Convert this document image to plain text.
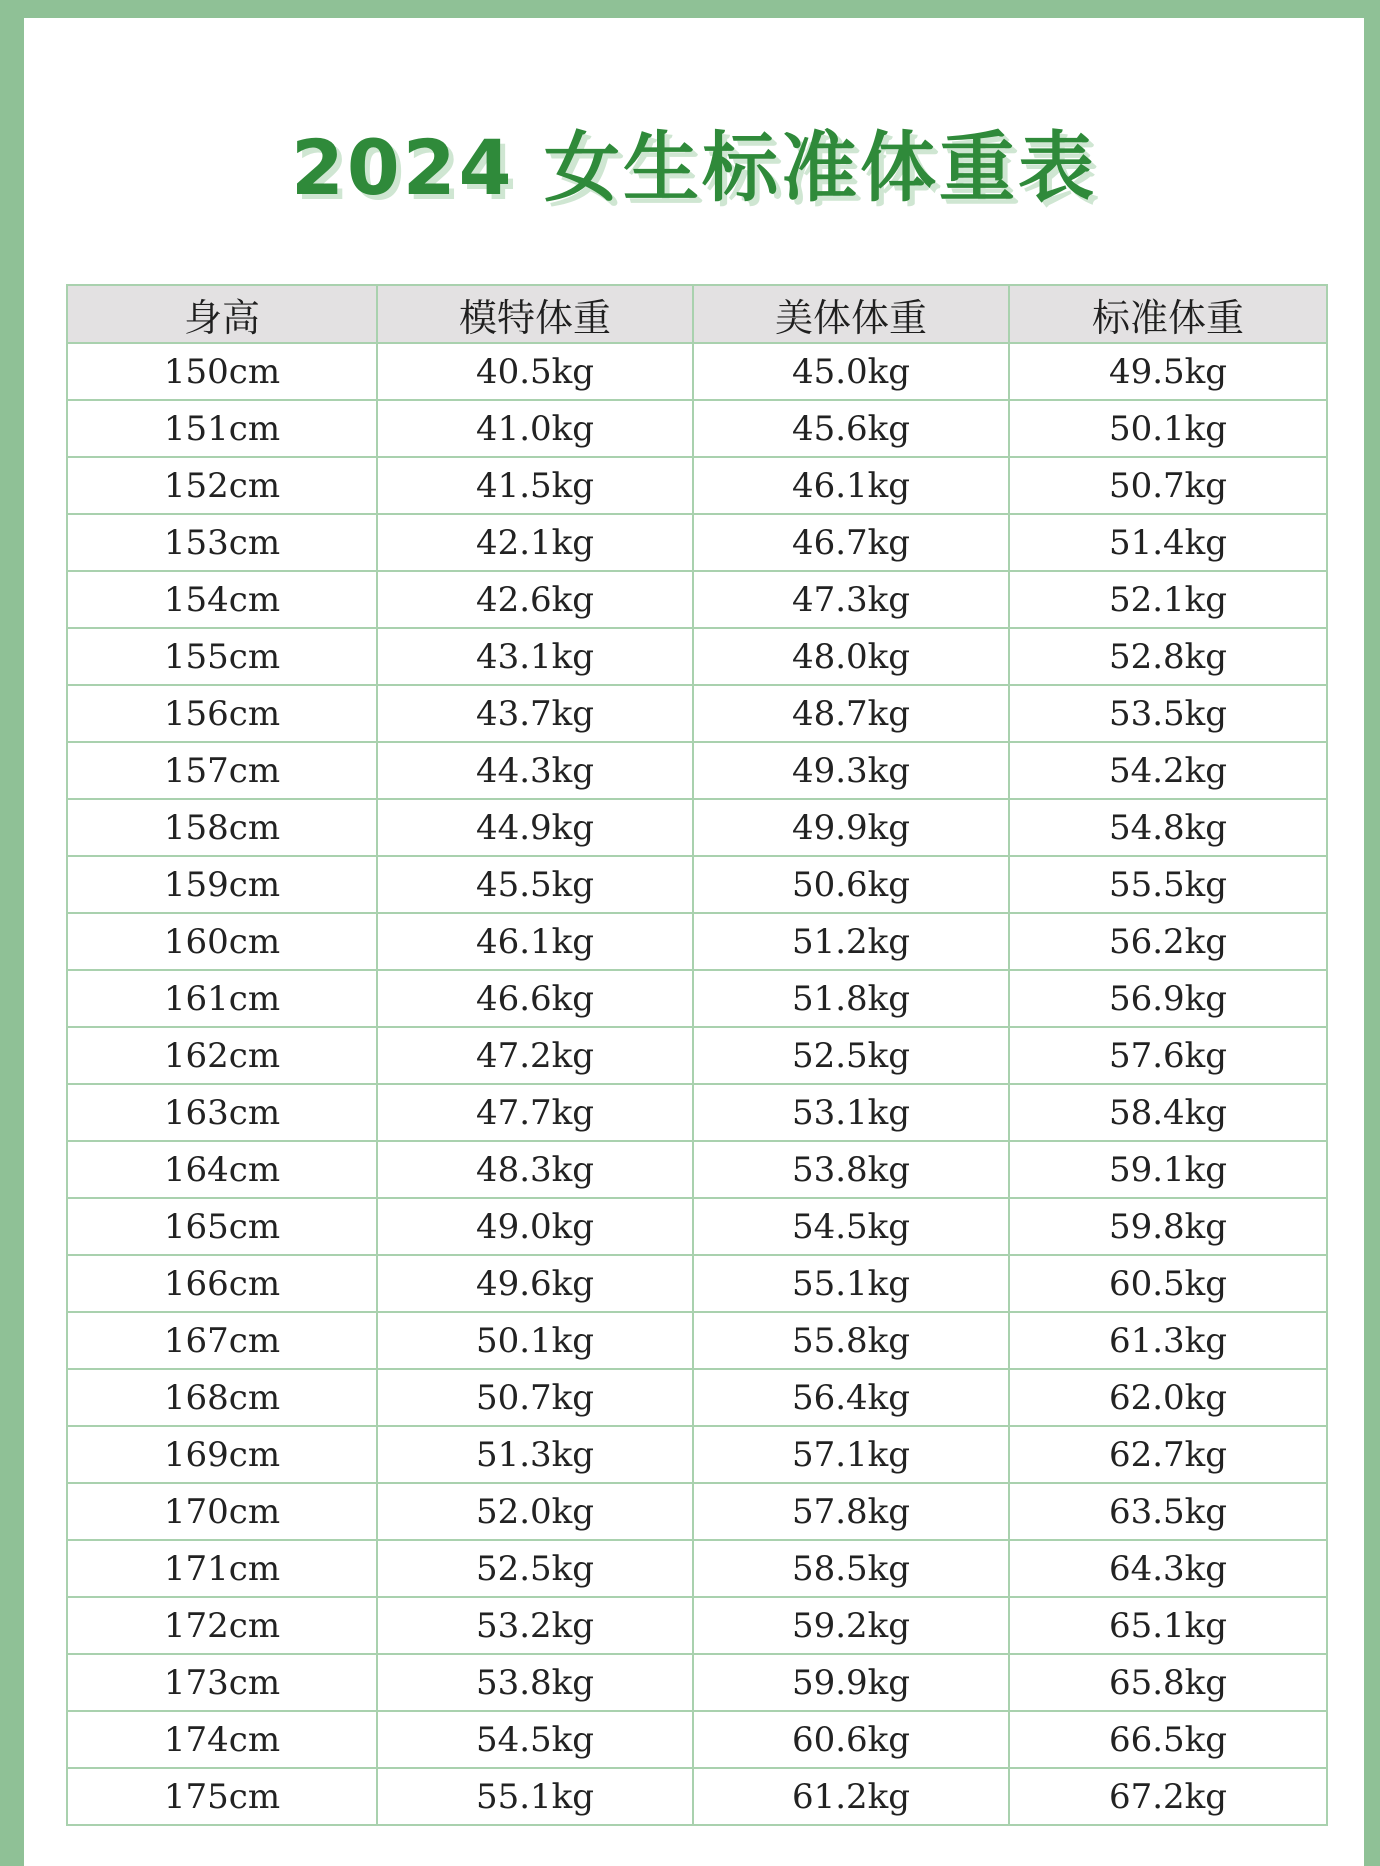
2024 女生标准体重表
身高	模特体重	美体体重	标准体重
150cm	40.5kg	45.0kg	49.5kg
151cm	41.0kg	45.6kg	50.1kg
152cm	41.5kg	46.1kg	50.7kg
153cm	42.1kg	46.7kg	51.4kg
154cm	42.6kg	47.3kg	52.1kg
155cm	43.1kg	48.0kg	52.8kg
156cm	43.7kg	48.7kg	53.5kg
157cm	44.3kg	49.3kg	54.2kg
158cm	44.9kg	49.9kg	54.8kg
159cm	45.5kg	50.6kg	55.5kg
160cm	46.1kg	51.2kg	56.2kg
161cm	46.6kg	51.8kg	56.9kg
162cm	47.2kg	52.5kg	57.6kg
163cm	47.7kg	53.1kg	58.4kg
164cm	48.3kg	53.8kg	59.1kg
165cm	49.0kg	54.5kg	59.8kg
166cm	49.6kg	55.1kg	60.5kg
167cm	50.1kg	55.8kg	61.3kg
168cm	50.7kg	56.4kg	62.0kg
169cm	51.3kg	57.1kg	62.7kg
170cm	52.0kg	57.8kg	63.5kg
171cm	52.5kg	58.5kg	64.3kg
172cm	53.2kg	59.2kg	65.1kg
173cm	53.8kg	59.9kg	65.8kg
174cm	54.5kg	60.6kg	66.5kg
175cm	55.1kg	61.2kg	67.2kg
